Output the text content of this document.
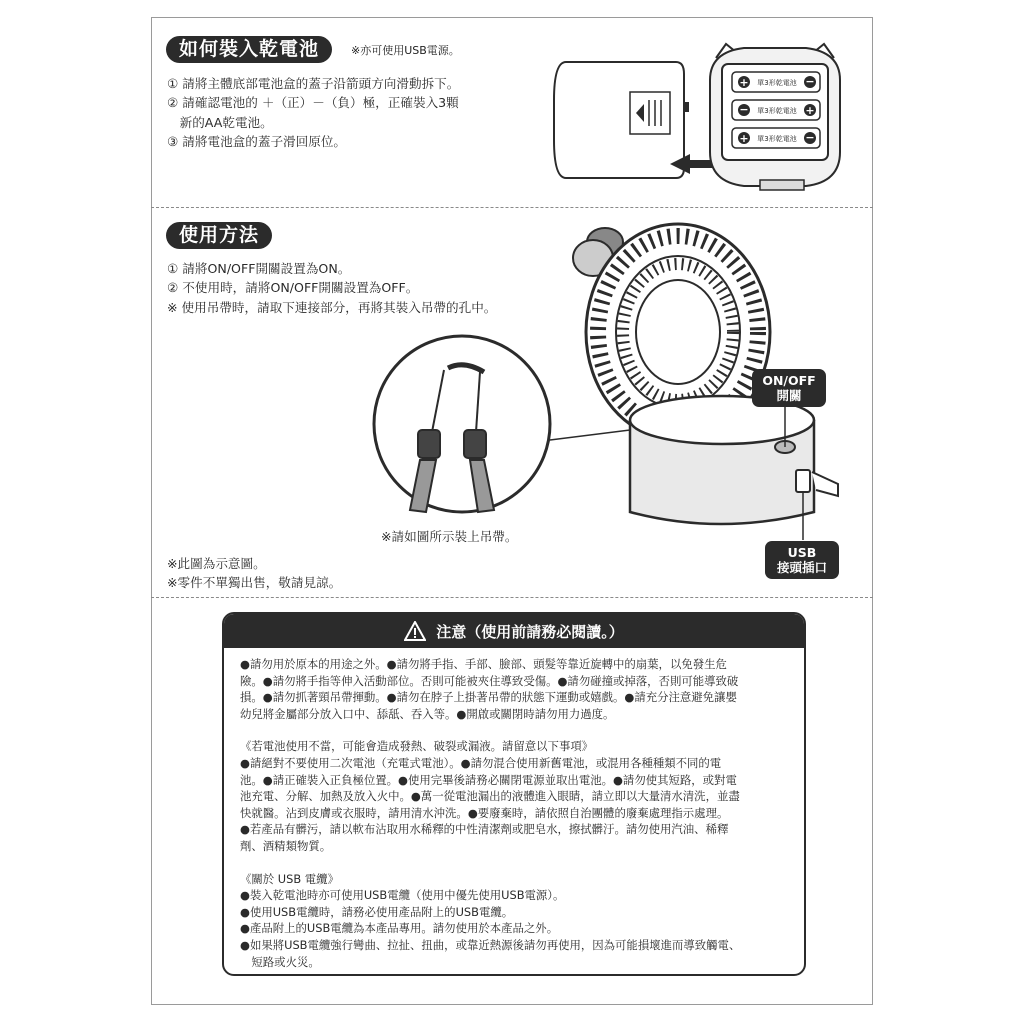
如何裝入乾電池	※亦可使用USB電源。
① 請將主體底部電池盒的蓋子沿箭頭方向滑動拆下。
② 請確認電池的 ＋（正）－（負）極，正確裝入3顆
　新的AA乾電池。
③ 請將電池盒的蓋子滑回原位。
+	−
單3形乾電池
−	+
單3形乾電池
+	−
單3形乾電池
使用方法
① 請將ON/OFF開關設置為ON。
② 不使用時，請將ON/OFF開關設置為OFF。
※ 使用吊帶時，請取下連接部分，再將其裝入吊帶的孔中。
ON/OFF
開關
USB
接頭插口
※請如圖所示裝上吊帶。
※此圖為示意圖。
※零件不單獨出售，敬請見諒。
注意（使用前請務必閱讀。）

●請勿用於原本的用途之外。●請勿將手指、手部、臉部、頭髮等靠近旋轉中的扇葉，以免發生危

險。●請勿將手指等伸入活動部位。否則可能被夾住導致受傷。●請勿碰撞或掉落，否則可能導致破

損。●請勿抓著頸吊帶揮動。●請勿在脖子上掛著吊帶的狀態下運動或嬉戲。●請充分注意避免讓嬰

幼兒將金屬部分放入口中、舔舐、吞入等。●開啟或關閉時請勿用力過度。

《若電池使用不當，可能會造成發熱、破裂或漏液。請留意以下事項》

●請絕對不要使用二次電池（充電式電池）。●請勿混合使用新舊電池，或混用各種種類不同的電

池。●請正確裝入正負極位置。●使用完畢後請務必關閉電源並取出電池。●請勿使其短路，或對電

池充電、分解、加熱及放入火中。●萬一從電池漏出的液體進入眼睛，請立即以大量清水清洗，並盡

快就醫。沾到皮膚或衣服時，請用清水沖洗。●要廢棄時，請依照自治團體的廢棄處理指示處理。

●若產品有髒污，請以軟布沾取用水稀釋的中性清潔劑或肥皂水，擦拭髒汙。請勿使用汽油、稀釋

劑、酒精類物質。

《關於 USB 電纜》

●裝入乾電池時亦可使用USB電纜（使用中優先使用USB電源）。

●使用USB電纜時，請務必使用產品附上的USB電纜。

●產品附上的USB電纜為本產品專用。請勿使用於本產品之外。

●如果將USB電纜強行彎曲、拉扯、扭曲，或靠近熱源後請勿再使用，因為可能損壞進而導致觸電、

　短路或火災。
